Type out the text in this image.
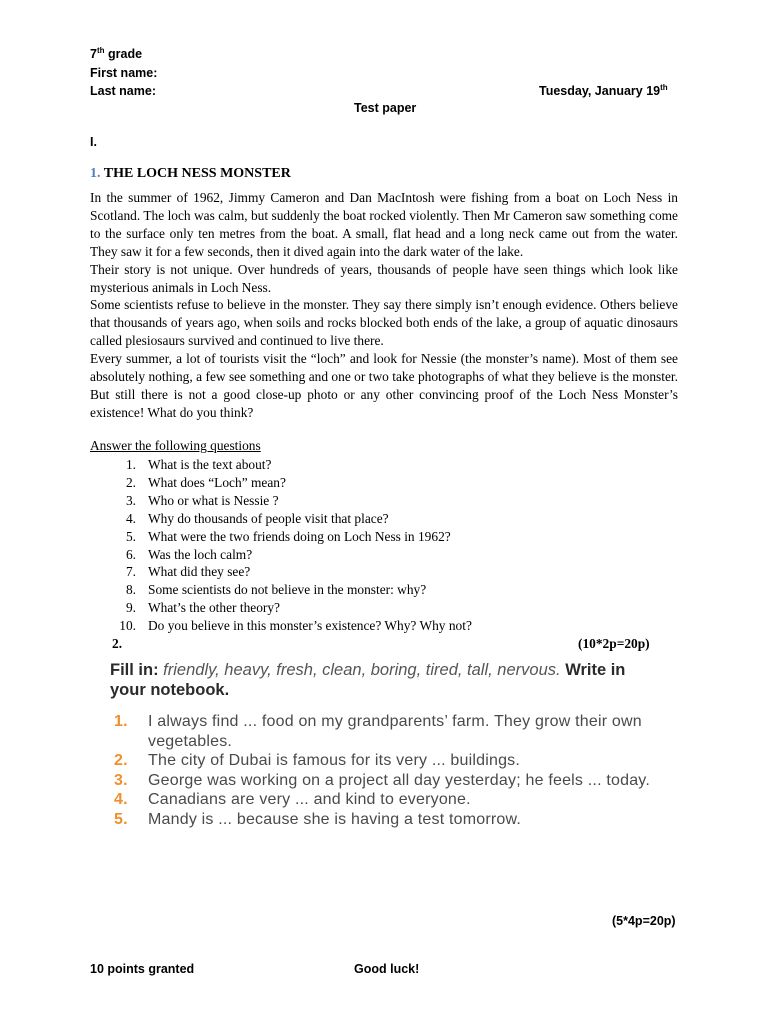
7th grade
First name:
Last name:	Tuesday, January 19th
Test paper
I.
1. THE LOCH NESS MONSTER

In the summer of 1962, Jimmy Cameron and Dan MacIntosh were fishing from a boat on Loch Ness in Scotland. The loch was calm, but suddenly the boat rocked violently. Then Mr Cameron saw something come to the surface only ten metres from the boat. A small, flat head and a long neck came out from the water. They saw it for a few seconds, then it dived again into the dark water of the lake.

Their story is not unique. Over hundreds of years, thousands of people have seen things which look like mysterious animals in Loch Ness.

Some scientists refuse to believe in the monster. They say there simply isn’t enough evidence. Others believe that thousands of years ago, when soils and rocks blocked both ends of the lake, a group of aquatic dinosaurs called plesiosaurs survived and continued to live there.

Every summer, a lot of tourists visit the “loch” and look for Nessie (the monster’s name). Most of them see absolutely nothing, a few see something and one or two take photographs of what they believe is the monster. But still there is not a good close-up photo or any other convincing proof of the Loch Ness Monster’s existence! What do you think?

Answer the following questions
1. What is the text about?
2. What does “Loch” mean?
3. Who or what is Nessie ?
4. Why do thousands of people visit that place?
5. What were the two friends doing on Loch Ness in 1962?
6. Was the loch calm?
7. What did they see?
8. Some scientists do not believe in the monster: why?
9. What’s the other theory?
10. Do you believe in this monster’s existence? Why? Why not?
2.	(10*2p=20p)
Fill in: friendly, heavy, fresh, clean, boring, tired, tall, nervous. Write in your notebook.
1.	I always find ... food on my grandparents’ farm. They grow their own vegetables.
2.	The city of Dubai is famous for its very ... buildings.
3.	George was working on a project all day yesterday; he feels ... today.
4.	Canadians are very ... and kind to everyone.
5.	Mandy is ... because she is having a test tomorrow.
(5*4p=20p)
10 points granted	Good luck!
